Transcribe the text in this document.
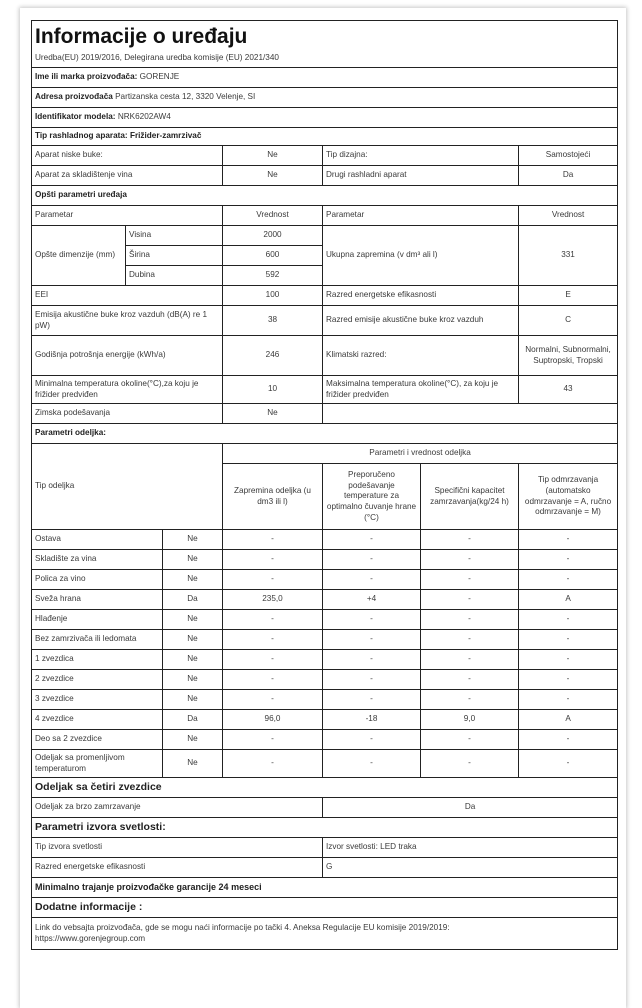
Informacije o uređaju						
Uredba(EU) 2019/2016, Delegirana uredba komisije (EU) 2021/340						
Ime ili marka proizvođača: GORENJE						
Adresa proizvođača Partizanska cesta 12, 3320 Velenje, SI						
Identifikator modela: NRK6202AW4						
Tip rashladnog aparata: Frižider-zamrzivač						
Aparat niske buke:			Ne	Tip dizajna:		Samostojeći
Aparat za skladištenje vina			Ne	Drugi rashladni aparat		Da
Opšti parametri uređaja						
Parametar			Vrednost	Parametar		Vrednost
Opšte dimenzije (mm)	Visina		2000	Ukupna zapremina (v dm³ ali l)		331
	Širina		600			
	Dubina		592			
EEI			100	Razred energetske efikasnosti		E
Emisija akustične buke kroz vazduh (dB(A) re 1 pW)			38	Razred emisije akustične buke kroz vazduh		C
Godišnja potrošnja energije (kWh/a)			246	Klimatski razred:		Normalni, Subnormalni, Suptropski, Tropski
Minimalna temperatura okoline(°C),za koju je frižider predviđen			10	Maksimalna temperatura okoline(°C), za koju je frižider predviđen		43
Zimska podešavanja			Ne			
Parametri odeljka:						
Tip odeljka			Parametri i vrednost odeljka			
			Zapremina odeljka (u dm3 ili l)	Preporučeno podešavanje temperature za optimalno čuvanje hrane (°C)	Specifični kapacitet zamrzavanja(kg/24 h)	Tip odmrzavanja (automatsko odmrzavanje = A, ručno odmrzavanje = M)
Ostava		Ne	-	-	-	-
Skladište za vina		Ne	-	-	-	-
Polica za vino		Ne	-	-	-	-
Sveža hrana		Da	235,0	+4	-	A
Hlađenje		Ne	-	-	-	-
Bez zamrzivača ili ledomata		Ne	-	-	-	-
1 zvezdica		Ne	-	-	-	-
2 zvezdice		Ne	-	-	-	-
3 zvezdice		Ne	-	-	-	-
4 zvezdice		Da	96,0	-18	9,0	A
Deo sa 2 zvezdice		Ne	-	-	-	-
Odeljak sa promenljivom temperaturom		Ne	-	-	-	-
Odeljak sa četiri zvezdice						
Odeljak za brzo zamrzavanje				Da		
Parametri izvora svetlosti:						
Tip izvora svetlosti				Izvor svetlosti: LED traka		
Razred energetske efikasnosti				G		
Minimalno trajanje proizvođačke garancije 24 meseci						
Dodatne informacije :						

Link do vebsajta proizvođača, gde se mogu naći informacije po tački 4. Aneksa Regulacije EU komisije 2019/2019:
https://www.gorenjegroup.com						
